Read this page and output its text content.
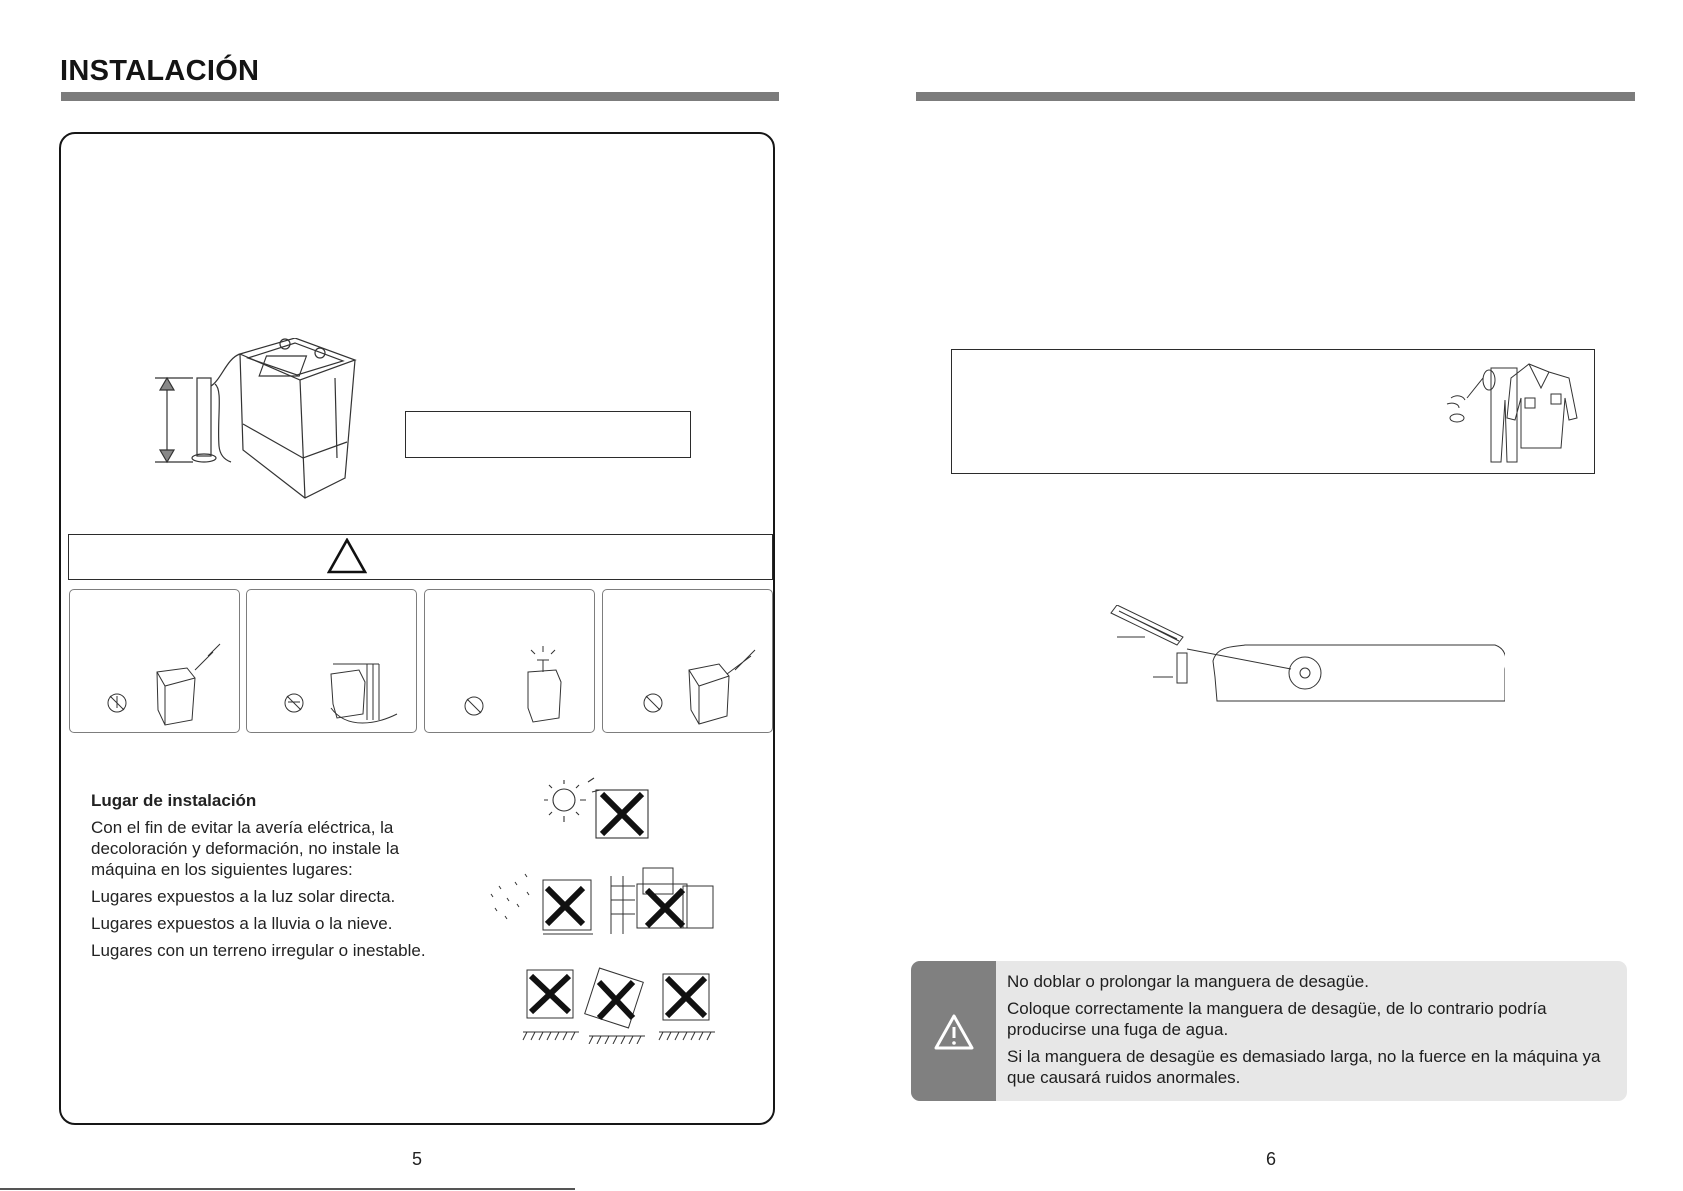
INSTALACIÓN
Lugar de instalación

Con el fin de evitar la avería eléctrica, la decoloración y deformación, no instale la máquina en los siguientes lugares:

Lugares expuestos a la luz solar directa.

Lugares expuestos a la lluvia o la nieve.

Lugares con un terreno irregular o inestable.

5

No doblar o prolongar la manguera de desagüe.

Coloque correctamente la manguera de desagüe, de lo contrario podría producirse una fuga de agua.

Si la manguera de desagüe es demasiado larga, no la fuerce en la máquina ya que causará ruidos anormales.

6
